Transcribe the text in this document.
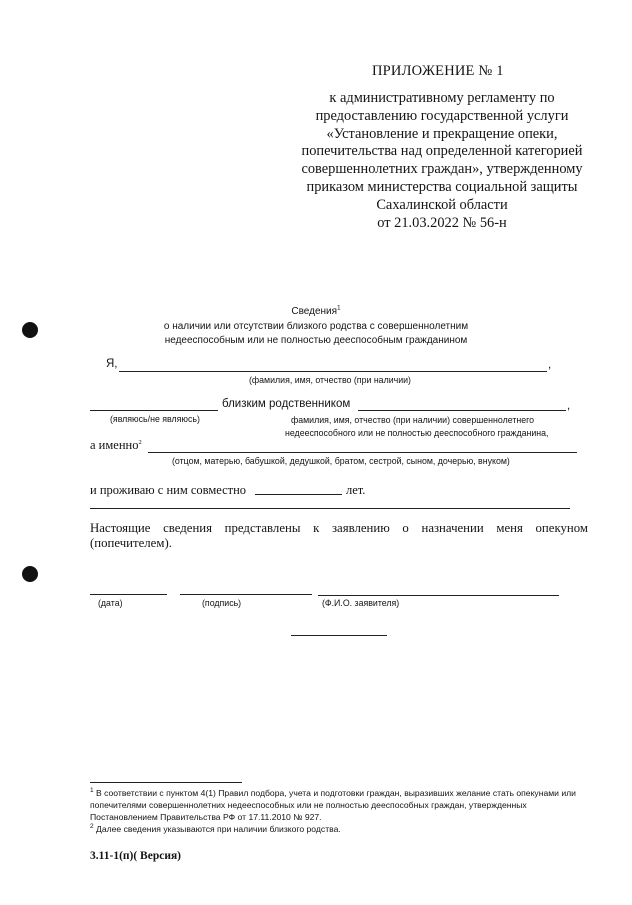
ПРИЛОЖЕНИЕ № 1
к административному регламенту по
предоставлению государственной услуги
«Установление и прекращение опеки,
попечительства над определенной категорией
совершеннолетних граждан», утвержденному
приказом министерства социальной защиты
Сахалинской области
от 21.03.2022 № 56-н
Сведения$^1$
о наличии или отсутствии близкого родства с совершеннолетним
недееспособным или не полностью дееспособным гражданином
Я,	,
(фамилия, имя, отчество (при наличии)
близким родственником	,
(являюсь/не являюсь)	фамилия, имя, отчество (при наличии) совершеннолетнего
недееспособного или не полностью дееспособного гражданина,
а именно$^2$
(отцом, матерью, бабушкой, дедушкой, братом, сестрой, сыном, дочерью, внуком)
и проживаю с ним совместно	лет.
Настоящие сведения представлены к заявлению о назначении меня опекуном (попечителем).
(дата)	(подпись)	(Ф.И.О. заявителя)
$^1$ В соответствии с пунктом 4(1) Правил подбора, учета и подготовки граждан, выразивших желание стать опекунами или попечителями совершеннолетних недееспособных или не полностью дееспособных граждан, утвержденных Постановлением Правительства РФ от 17.11.2010 № 927.
$^2$ Далее сведения указываются при наличии близкого родства.
3.11-1(п)( Версия)
